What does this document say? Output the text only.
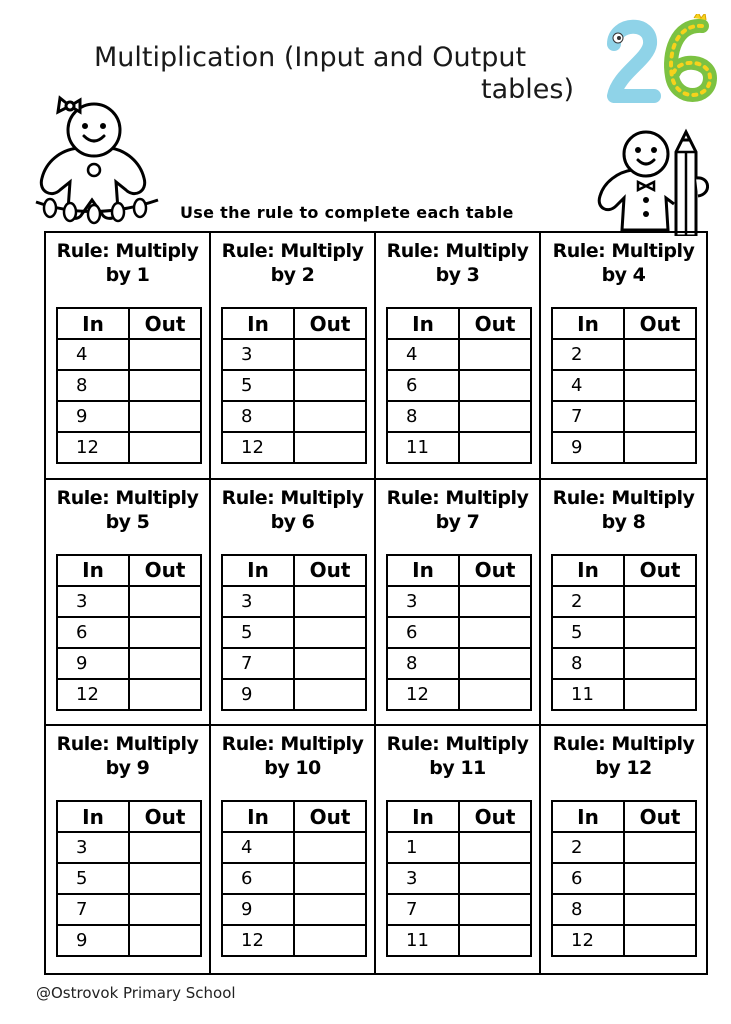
Multiplication (Input and Output
tables)
Use the rule to complete each table
Rule: Multiply
by 1
In	Out
4	
8	
9	
12	
Rule: Multiply
by 2
In	Out
3	
5	
8	
12	
Rule: Multiply
by 3
In	Out
4	
6	
8	
11	
Rule: Multiply
by 4
In	Out
2	
4	
7	
9	
Rule: Multiply
by 5
In	Out
3	
6	
9	
12	
Rule: Multiply
by 6
In	Out
3	
5	
7	
9	
Rule: Multiply
by 7
In	Out
3	
6	
8	
12	
Rule: Multiply
by 8
In	Out
2	
5	
8	
11	
Rule: Multiply
by 9
In	Out
3	
5	
7	
9	
Rule: Multiply
by 10
In	Out
4	
6	
9	
12	
Rule: Multiply
by 11
In	Out
1	
3	
7	
11	
Rule: Multiply
by 12
In	Out
2	
6	
8	
12	
@Ostrovok Primary School
